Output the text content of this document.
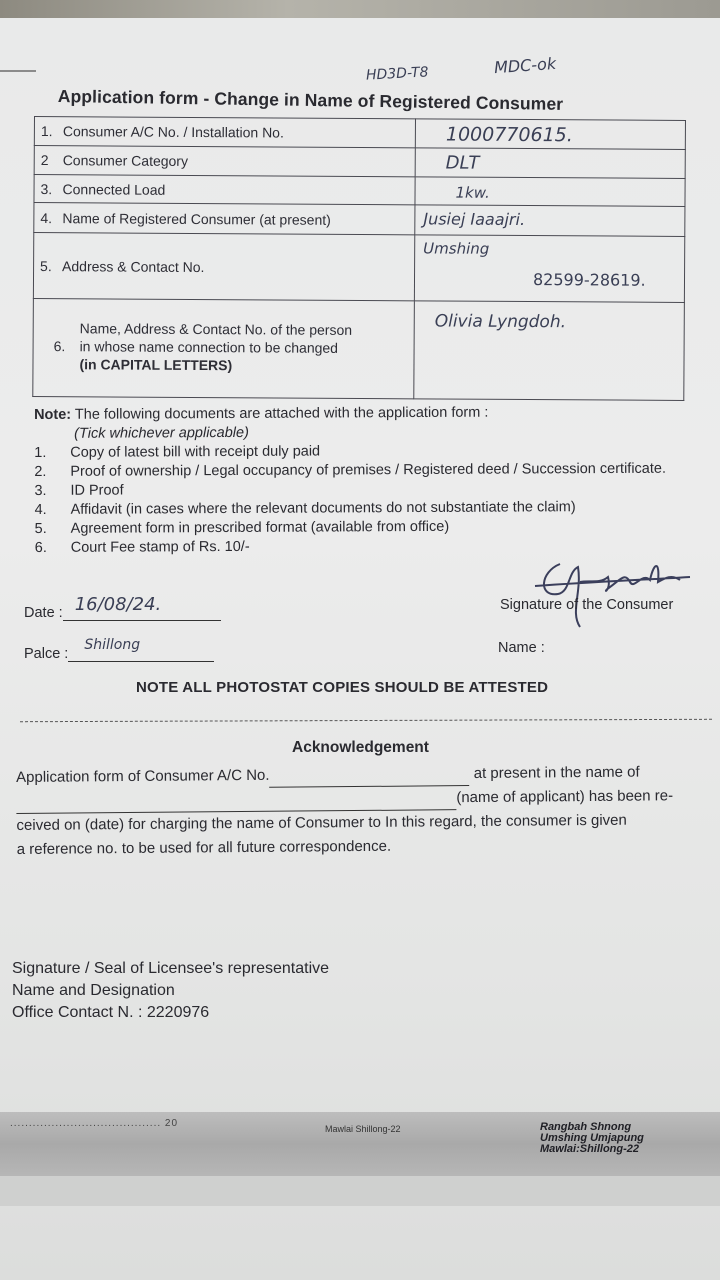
HD3D-T8	MDC-ok
Application form - Change in Name of Registered Consumer
1. Consumer A/C No. / Installation No.	1000770615.

2 Consumer Category	DLT

3. Connected Load	1kw.

4. Name of Registered Consumer (at present)	Jusiej Iaaajri.

5. Address & Contact No.	Umshing
82599-28619.

6.
Name, Address & Contact No. of the person
in whose name connection to be changed
(in CAPITAL LETTERS)	Olivia Lyngdoh.
Note: The following documents are attached with the application form :
(Tick whichever applicable)
1.	Copy of latest bill with receipt duly paid
2.	Proof of ownership / Legal occupancy of premises / Registered deed / Succession certificate.
3.	ID Proof
4.	Affidavit (in cases where the relevant documents do not substantiate the claim)
5.	Agreement form in prescribed format (available from office)
6.	Court Fee stamp of Rs. 10/-
Signature of the Consumer
Name :
Date : 16/08/24.
Palce :
Shillong
NOTE ALL PHOTOSTAT COPIES SHOULD BE ATTESTED
Acknowledgement
Application form of Consumer A/C No.	at present in the name of
(name of applicant) has been re-
ceived on (date) for charging the name of Consumer to In this regard, the consumer is given
a reference no. to be used for all future correspondence.
Signature / Seal of Licensee's representative
Name and Designation
Office Contact N. : 2220976
........................................ 20	Mawlai Shillong-22	Rangbah Shnong
Umshing Umjapung
Mawlai:Shillong-22
